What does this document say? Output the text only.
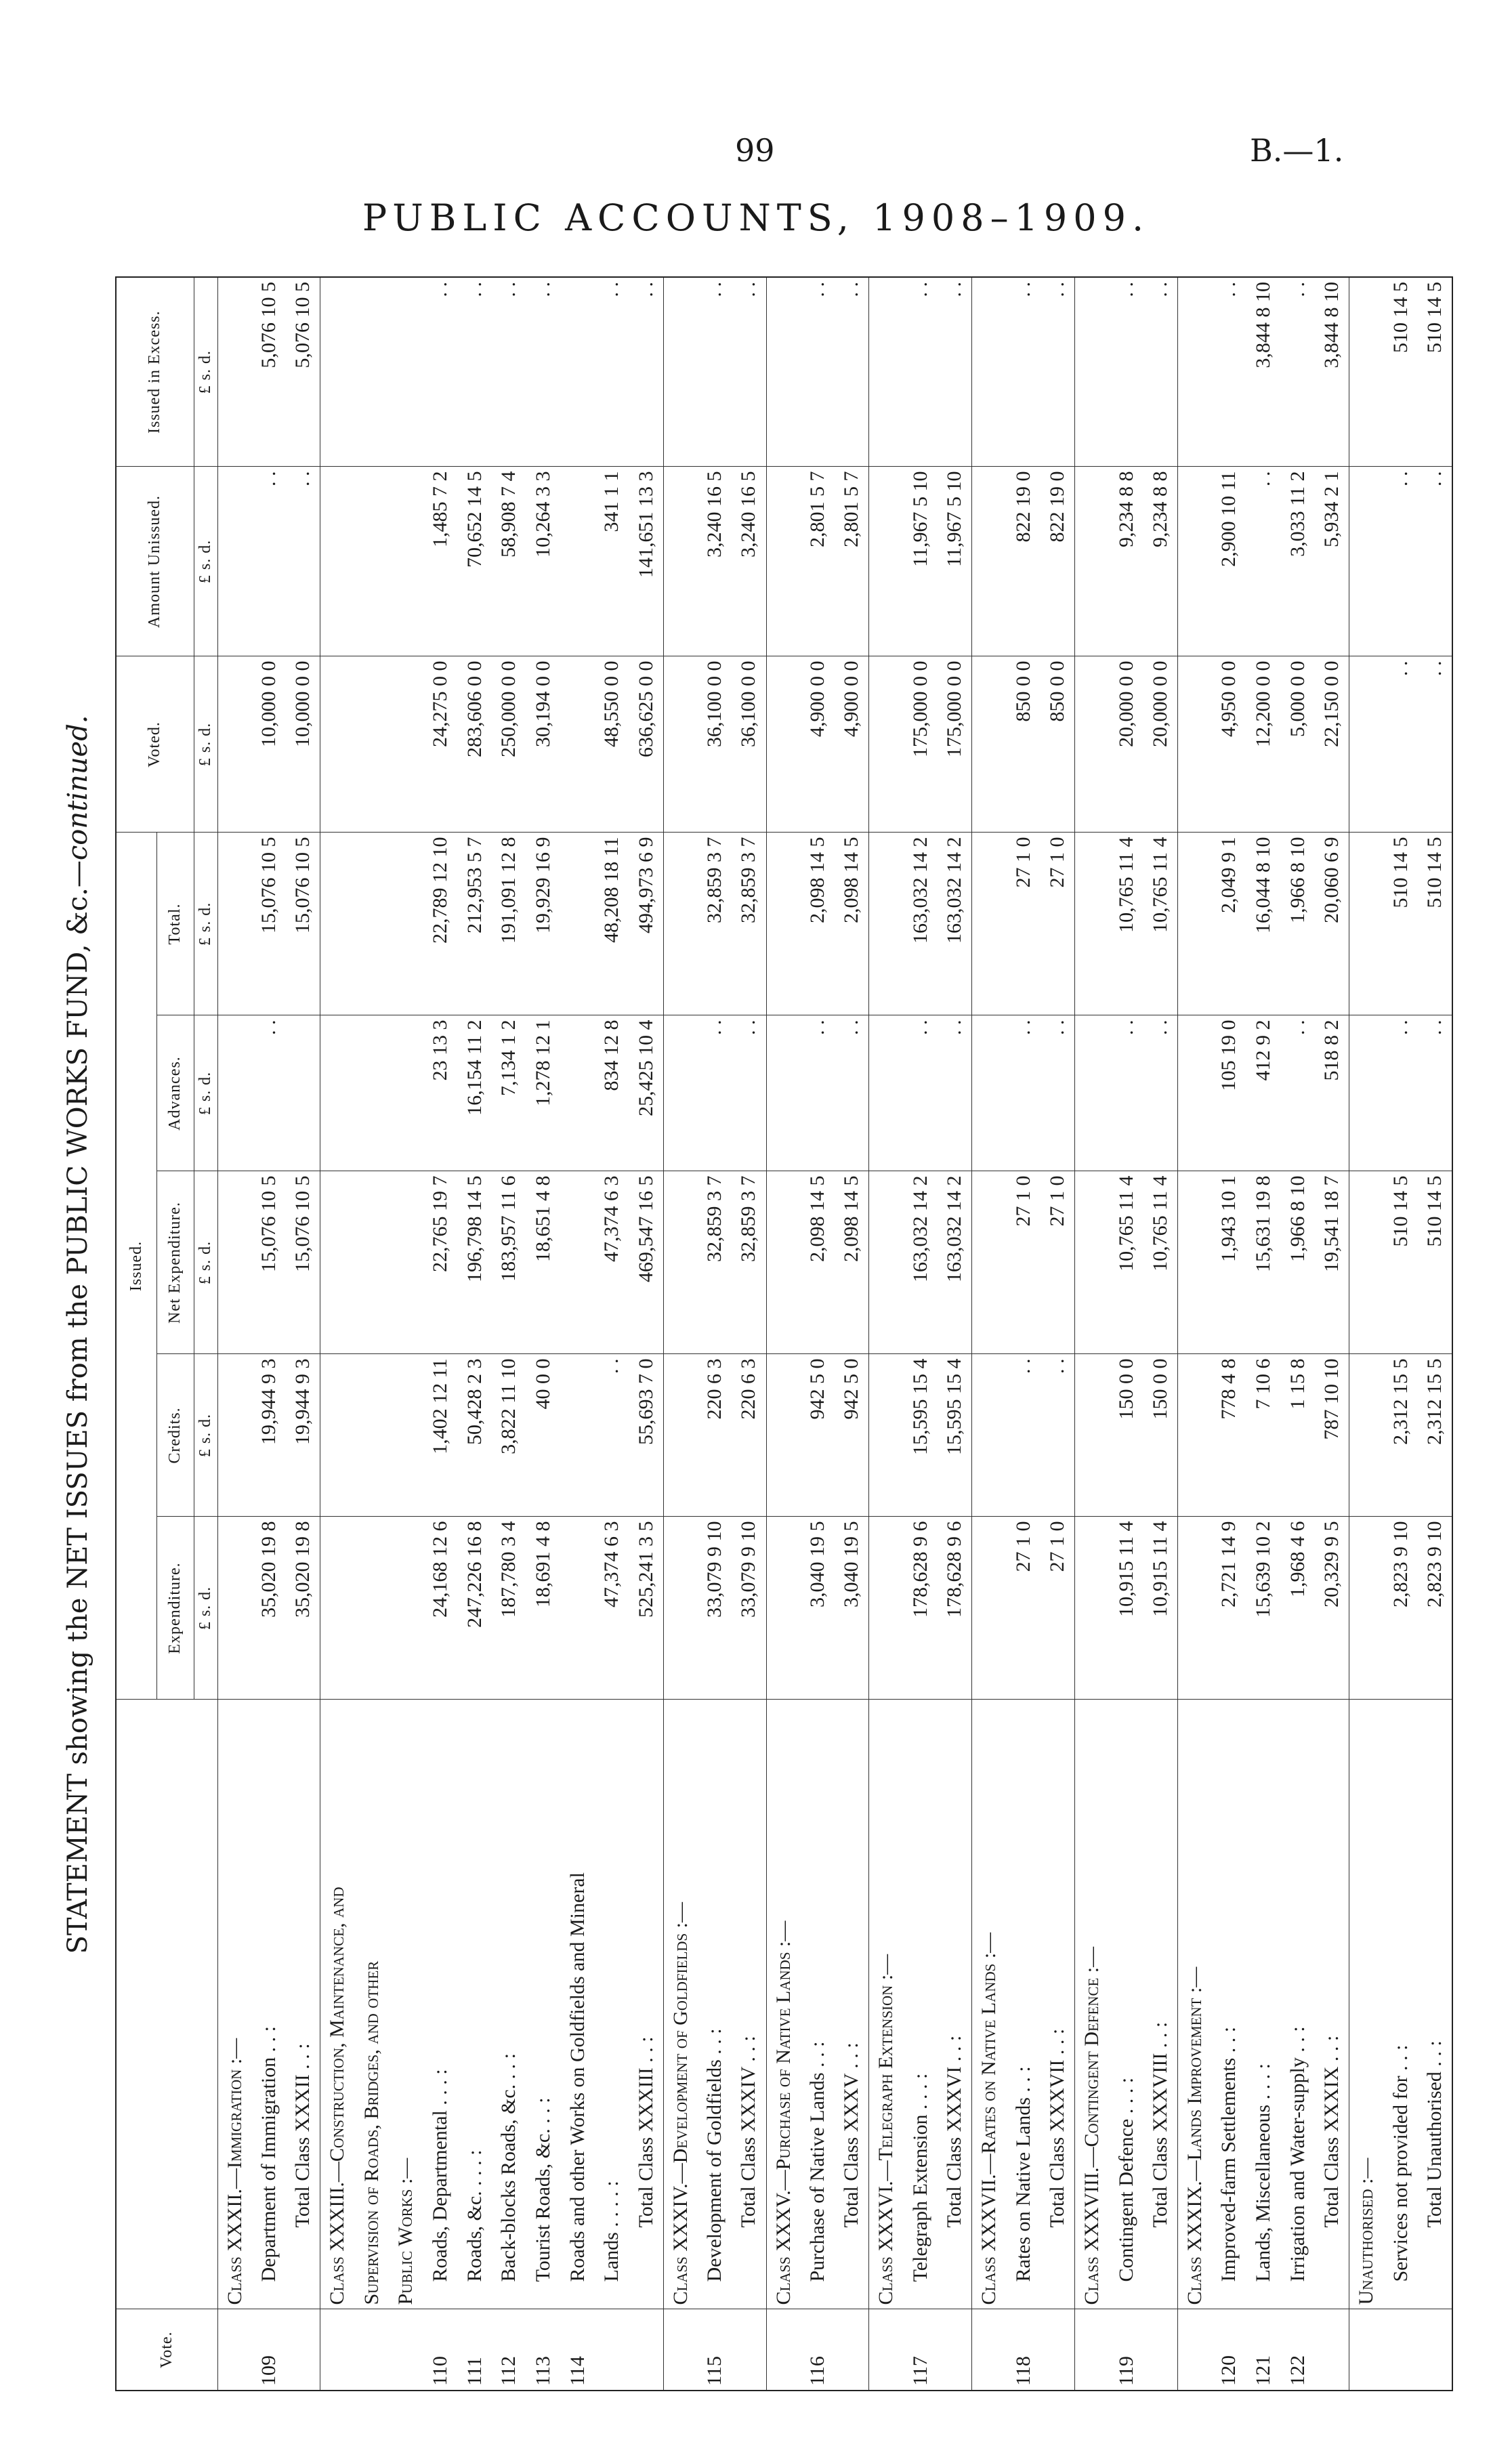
99	B.—1.
PUBLIC ACCOUNTS, 1908–1909.
STATEMENT showing the NET ISSUES from the PUBLIC WORKS FUND, &c.—continued.
Vote.		Issued.					Voted.	Amount Unissued.	Issued in Excess.
		Expenditure.	Credits.	Net Expenditure.	Advances.	Total.			
		£ s. d.	£ s. d.	£ s. d.	£ s. d.	£ s. d.	£ s. d.	£ s. d.	£ s. d.
	Class XXXII.—Immigration :—								
109	Department of Immigration . . :	35,020 19 8	19,944 9 3	15,076 10 5	. .	15,076 10 5	10,000 0 0	. .	5,076 10 5
	Total Class XXXII . . :	35,020 19 8	19,944 9 3	15,076 10 5		15,076 10 5	10,000 0 0	. .	5,076 10 5
	Class XXXIII.—Construction, Maintenance, and								
	Supervision of Roads, Bridges, and other								
	Public Works :—								
110	Roads, Departmental . . . :	24,168 12 6	1,402 12 11	22,765 19 7	23 13 3	22,789 12 10	24,275 0 0	1,485 7 2	. .
111	Roads, &c. . . . :	247,226 16 8	50,428 2 3	196,798 14 5	16,154 11 2	212,953 5 7	283,606 0 0	70,652 14 5	. .
112	Back-blocks Roads, &c. . . :	187,780 3 4	3,822 11 10	183,957 11 6	7,134 1 2	191,091 12 8	250,000 0 0	58,908 7 4	. .
113	Tourist Roads, &c. . . :	18,691 4 8	40 0 0	18,651 4 8	1,278 12 1	19,929 16 9	30,194 0 0	10,264 3 3	. .
114	Roads and other Works on Goldfields and Mineral								
	Lands . . . . :	47,374 6 3	. .	47,374 6 3	834 12 8	48,208 18 11	48,550 0 0	341 1 1	. .
	Total Class XXXIII . . :	525,241 3 5	55,693 7 0	469,547 16 5	25,425 10 4	494,973 6 9	636,625 0 0	141,651 13 3	. .
	Class XXXIV.—Development of Goldfields :—								
115	Development of Goldfields . . :	33,079 9 10	220 6 3	32,859 3 7	. .	32,859 3 7	36,100 0 0	3,240 16 5	. .
	Total Class XXXIV . . :	33,079 9 10	220 6 3	32,859 3 7	. .	32,859 3 7	36,100 0 0	3,240 16 5	. .
	Class XXXV.—Purchase of Native Lands :—								
116	Purchase of Native Lands . . :	3,040 19 5	942 5 0	2,098 14 5	. .	2,098 14 5	4,900 0 0	2,801 5 7	. .
	Total Class XXXV . . :	3,040 19 5	942 5 0	2,098 14 5	. .	2,098 14 5	4,900 0 0	2,801 5 7	. .
	Class XXXVI.—Telegraph Extension :—								
117	Telegraph Extension . . . :	178,628 9 6	15,595 15 4	163,032 14 2	. .	163,032 14 2	175,000 0 0	11,967 5 10	. .
	Total Class XXXVI . . :	178,628 9 6	15,595 15 4	163,032 14 2	. .	163,032 14 2	175,000 0 0	11,967 5 10	. .
	Class XXXVII.—Rates on Native Lands :—								
118	Rates on Native Lands . . :	27 1 0	. .	27 1 0	. .	27 1 0	850 0 0	822 19 0	. .
	Total Class XXXVII . . :	27 1 0	. .	27 1 0	. .	27 1 0	850 0 0	822 19 0	. .
	Class XXXVIII.—Contingent Defence :—								
119	Contingent Defence . . . :	10,915 11 4	150 0 0	10,765 11 4	. .	10,765 11 4	20,000 0 0	9,234 8 8	. .
	Total Class XXXVIII . . :	10,915 11 4	150 0 0	10,765 11 4	. .	10,765 11 4	20,000 0 0	9,234 8 8	. .
	Class XXXIX.—Lands Improvement :—								
120	Improved-farm Settlements . . :	2,721 14 9	778 4 8	1,943 10 1	105 19 0	2,049 9 1	4,950 0 0	2,900 10 11	. .
121	Lands, Miscellaneous . . . :	15,639 10 2	7 10 6	15,631 19 8	412 9 2	16,044 8 10	12,200 0 0	. .	3,844 8 10
122	Irrigation and Water-supply . . :	1,968 4 6	1 15 8	1,966 8 10	. .	1,966 8 10	5,000 0 0	3,033 11 2	. .
	Total Class XXXIX . . :	20,329 9 5	787 10 10	19,541 18 7	518 8 2	20,060 6 9	22,150 0 0	5,934 2 1	3,844 8 10
	Unauthorised :—								
	Services not provided for . . :	2,823 9 10	2,312 15 5	510 14 5	. .	510 14 5	. .	. .	510 14 5
	Total Unauthorised . . :	2,823 9 10	2,312 15 5	510 14 5	. .	510 14 5	. .	. .	510 14 5
